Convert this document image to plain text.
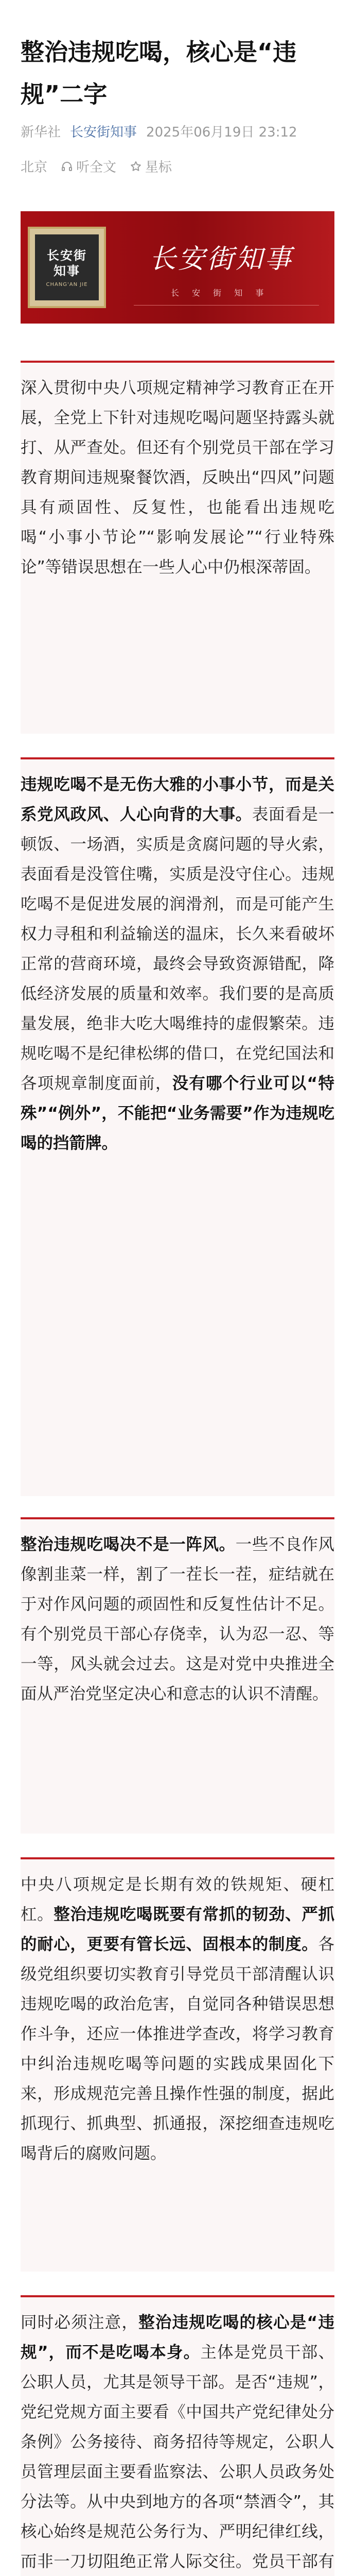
整治违规吃喝，核心是“违规”二字
新华社 长安街知事 2025年06月19日 23:12
北京 听全文 星标
长安街知事
CHANG'AN JIE
长安街知事
长 安 街 知 事

深入贯彻中央八项规定精神学习教育正在开展，全党上下针对违规吃喝问题坚持露头就打、从严查处。但还有个别党员干部在学习教育期间违规聚餐饮酒，反映出“四风”问题具有顽固性、反复性，也能看出违规吃喝“小事小节论”“影响发展论”“行业特殊论”等错误思想在一些人心中仍根深蒂固。

违规吃喝不是无伤大雅的小事小节，而是关系党风政风、人心向背的大事。表面看是一顿饭、一场酒，实质是贪腐问题的导火索，表面看是没管住嘴，实质是没守住心。违规吃喝不是促进发展的润滑剂，而是可能产生权力寻租和利益输送的温床，长久来看破坏正常的营商环境，最终会导致资源错配，降低经济发展的质量和效率。我们要的是高质量发展，绝非大吃大喝维持的虚假繁荣。违规吃喝不是纪律松绑的借口，在党纪国法和各项规章制度面前，没有哪个行业可以“特殊”“例外”，不能把“业务需要”作为违规吃喝的挡箭牌。

整治违规吃喝决不是一阵风。一些不良作风像割韭菜一样，割了一茬长一茬，症结就在于对作风问题的顽固性和反复性估计不足。有个别党员干部心存侥幸，认为忍一忍、等一等，风头就会过去。这是对党中央推进全面从严治党坚定决心和意志的认识不清醒。

中央八项规定是长期有效的铁规矩、硬杠杠。整治违规吃喝既要有常抓的韧劲、严抓的耐心，更要有管长远、固根本的制度。各级党组织要切实教育引导党员干部清醒认识违规吃喝的政治危害，自觉同各种错误思想作斗争，还应一体推进学查改，将学习教育中纠治违规吃喝等问题的实践成果固化下来，形成规范完善且操作性强的制度，据此抓现行、抓典型、抓通报，深挖细查违规吃喝背后的腐败问题。

同时必须注意，整治违规吃喝的核心是“违规”，而不是吃喝本身。主体是党员干部、公职人员，尤其是领导干部。是否“违规”，党纪党规方面主要看《中国共产党纪律处分条例》公务接待、商务招待等规定，公职人员管理层面主要看监察法、公职人员政务处分法等。从中央到地方的各项“禁酒令”，其核心始终是规范公务行为、严明纪律红线，而非一刀切阻绝正常人际交往。党员干部有
